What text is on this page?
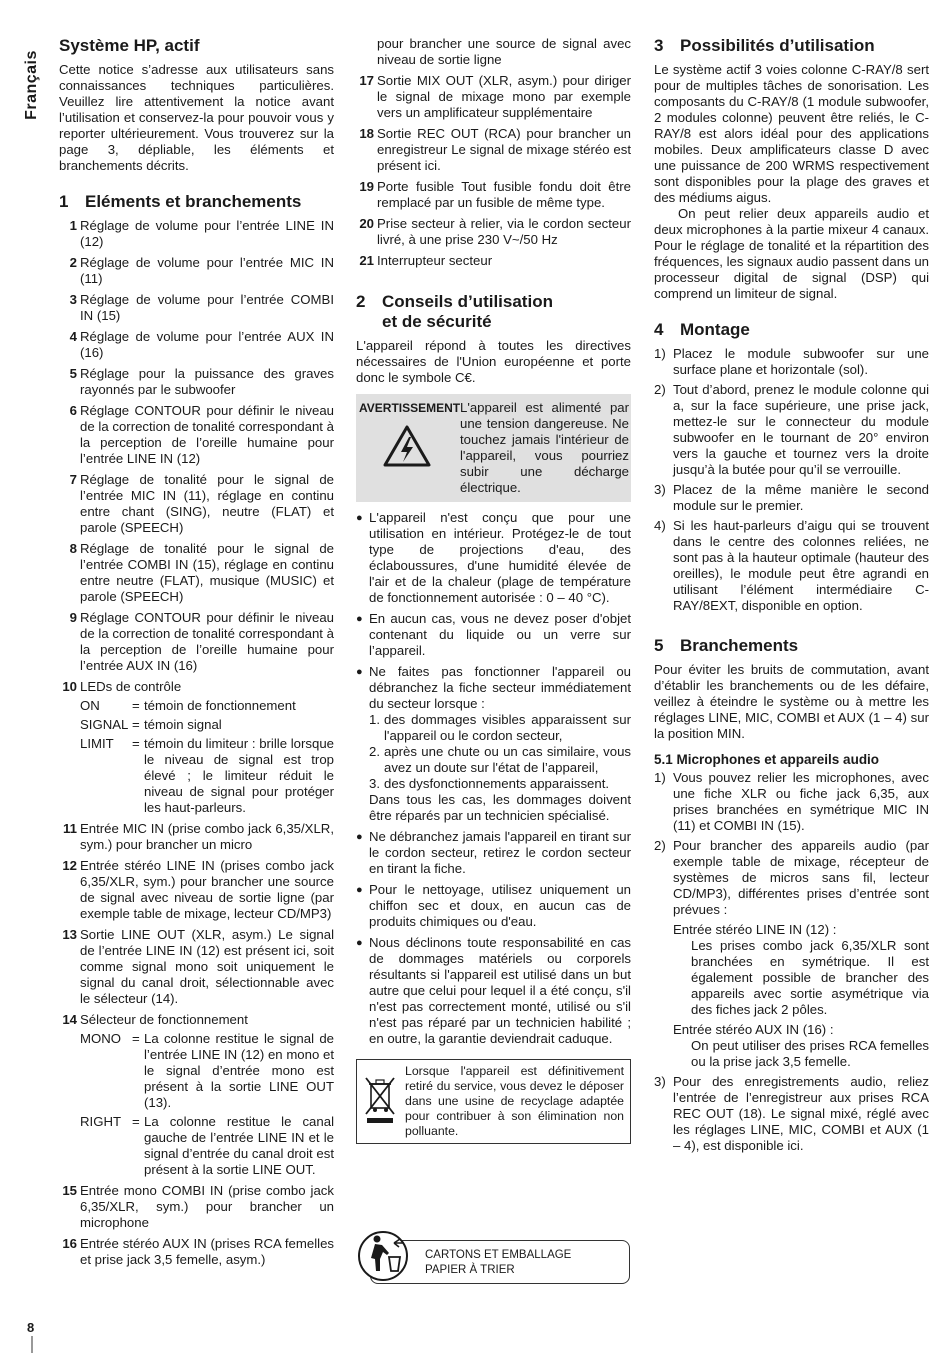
Français
Système HP, actif

Cette notice s’adresse aux utilisateurs sans connaissances techniques particulières. Veuillez lire attentivement la notice avant l’utilisation et conservez-la pour pouvoir vous y reporter ultérieurement. Vous trouverez sur la page 3, dépliable, les éléments et branchements décrits.

1 Eléments et branchements
1 Réglage de volume pour l’entrée LINE IN (12)
2 Réglage de volume pour l’entrée MIC IN (11)
3 Réglage de volume pour l’entrée COMBI IN (15)
4 Réglage de volume pour l’entrée AUX IN (16)
5 Réglage pour la puissance des graves rayonnés par le subwoofer
6 Réglage CONTOUR pour définir le niveau de la correction de tonalité correspondant à la perception de l’oreille humaine pour l’entrée LINE IN (12)
7 Réglage de tonalité pour le signal de l’entrée MIC IN (11), réglage en continu entre chant (SING), neutre (FLAT) et parole (SPEECH)
8 Réglage de tonalité pour le signal de l’entrée COMBI IN (15), réglage en continu entre neutre (FLAT), musique (MUSIC) et parole (SPEECH)
9 Réglage CONTOUR pour définir le niveau de la correction de tonalité correspondant à la perception de l’oreille humaine pour l’entrée AUX IN (16)
10 LEDs de contrôle
ON	= témoin de fonctionnement
SIGNAL = témoin signal
LIMIT	= témoin du limiteur : brille lorsque le niveau de signal est trop élevé ; le limiteur réduit le niveau de signal pour protéger les haut-parleurs.
11 Entrée MIC IN (prise combo jack 6,35/XLR, sym.) pour brancher un micro
12 Entrée stéréo LINE IN (prises combo jack 6,35/XLR, sym.) pour brancher une source de signal avec niveau de sortie ligne (par exemple table de mixage, lecteur CD/MP3)
13 Sortie LINE OUT (XLR, asym.) Le signal de l’entrée LINE IN (12) est présent ici, soit comme signal mono soit uniquement le signal du canal droit, sélectionnable avec le sélecteur (14).
14 Sélecteur de fonctionnement
MONO = La colonne restitue le signal de l’entrée LINE IN (12) en mono et le signal d’entrée mono est présent à la sortie LINE OUT (13).
RIGHT = La colonne restitue le canal gauche de l’entrée LINE IN et le signal d’entrée du canal droit est présent à la sortie LINE OUT.
15 Entrée mono COMBI IN (prise combo jack 6,35/XLR, sym.) pour brancher un microphone
16 Entrée stéréo AUX IN (prises RCA femelles et prise jack 3,5 femelle, asym.)
pour brancher une source de signal avec niveau de sortie ligne
17 Sortie MIX OUT (XLR, asym.) pour diriger le signal de mixage mono par exemple vers un amplificateur supplémentaire
18 Sortie REC OUT (RCA) pour brancher un enregistreur Le signal de mixage stéréo est présent ici.
19 Porte fusible Tout fusible fondu doit être remplacé par un fusible de même type.
20 Prise secteur à relier, via le cordon secteur livré, à une prise 230 V~/50 Hz
21 Interrupteur secteur
2 Conseils d’utilisation
et de sécurité

L'appareil répond à toutes les directives nécessaires de l'Union européenne et porte donc le symbole C€.

AVERTISSEMENT L'appareil est alimenté par une tension dangereuse. Ne touchez jamais l'intérieur de l'appareil, vous pourriez subir une décharge électrique.
● L'appareil n'est conçu que pour une utilisation en intérieur. Protégez-le de tout type de projections d'eau, des éclaboussures, d'une humidité élevée de l'air et de la chaleur (plage de température de fonctionnement autorisée : 0 – 40 °C).
● En aucun cas, vous ne devez poser d'objet contenant du liquide ou un verre sur l’appareil.
● Ne faites pas fonctionner l'appareil ou débranchez la fiche secteur immédiatement du secteur lorsque :
1. des dommages visibles apparaissent sur l'appareil ou le cordon secteur,
2. après une chute ou un cas similaire, vous avez un doute sur l'état de l’appareil,
3. des dysfonctionnements apparaissent.
Dans tous les cas, les dommages doivent être réparés par un technicien spécialisé.
● Ne débranchez jamais l'appareil en tirant sur le cordon secteur, retirez le cordon secteur en tirant la fiche.
● Pour le nettoyage, utilisez uniquement un chiffon sec et doux, en aucun cas de produits chimiques ou d'eau.
● Nous déclinons toute responsabilité en cas de dommages matériels ou corporels résultants si l'appareil est utilisé dans un but autre que celui pour lequel il a été conçu, s'il n'est pas correctement monté, utilisé ou s'il n'est pas réparé par un technicien habilité ; en outre, la garantie deviendrait caduque.
Lorsque l'appareil est définitivement retiré du service, vous devez le déposer dans une usine de recyclage adaptée pour contribuer à son élimination non polluante.
CARTONS ET EMBALLAGE
PAPIER À TRIER
3 Possibilités d’utilisation

Le système actif 3 voies colonne C-RAY/8 sert pour de multiples tâches de sonorisation. Les composants du C-RAY/8 (1 module subwoofer, 2 modules colonne) peuvent être reliés, le C-RAY/8 est alors idéal pour des applications mobiles. Deux amplificateurs classe D avec une puissance de 200 WRMS respectivement sont disponibles pour la plage des graves et des médiums aigus.

On peut relier deux appareils audio et deux microphones à la partie mixeur 4 canaux. Pour le réglage de tonalité et la répartition des fréquences, les signaux audio passent dans un processeur digital de signal (DSP) qui comprend un limiteur de signal.

4 Montage
1) Placez le module subwoofer sur une surface plane et horizontale (sol).
2) Tout d’abord, prenez le module colonne qui a, sur la face supérieure, une prise jack, mettez-le sur le connecteur du module subwoofer en le tournant de 20° environ vers la gauche et tournez vers la droite jusqu’à la butée pour qu’il se verrouille.
3) Placez de la même manière le second module sur le premier.
4) Si les haut-parleurs d’aigu qui se trouvent dans le centre des colonnes reliées, ne sont pas à la hauteur optimale (hauteur des oreilles), le module peut être agrandi en utilisant l’élément intermédiaire C-RAY/8EXT, disponible en option.
5 Branchements

Pour éviter les bruits de commutation, avant d’établir les branchements ou de les défaire, veillez à éteindre le système ou à mettre les réglages LINE, MIC, COMBI et AUX (1 – 4) sur la position MIN.

5.1 Microphones et appareils audio
1) Vous pouvez relier les microphones, avec une fiche XLR ou fiche jack 6,35, aux prises branchées en symétrique MIC IN (11) et COMBI IN (15).
2) Pour brancher des appareils audio (par exemple table de mixage, récepteur de systèmes de micros sans fil, lecteur CD/MP3), différentes prises d’entrée sont prévues :
Entrée stéréo LINE IN (12) :
Les prises combo jack 6,35/XLR sont branchées en symétrique. Il est également possible de brancher des appareils avec sortie asymétrique via des fiches jack 2 pôles.
Entrée stéréo AUX IN (16) :
On peut utiliser des prises RCA femelles ou la prise jack 3,5 femelle.
3) Pour des enregistrements audio, reliez l’entrée de l’enregistreur aux prises RCA REC OUT (18). Le signal mixé, réglé avec les réglages LINE, MIC, COMBI et AUX (1 – 4), est disponible ici.
8
